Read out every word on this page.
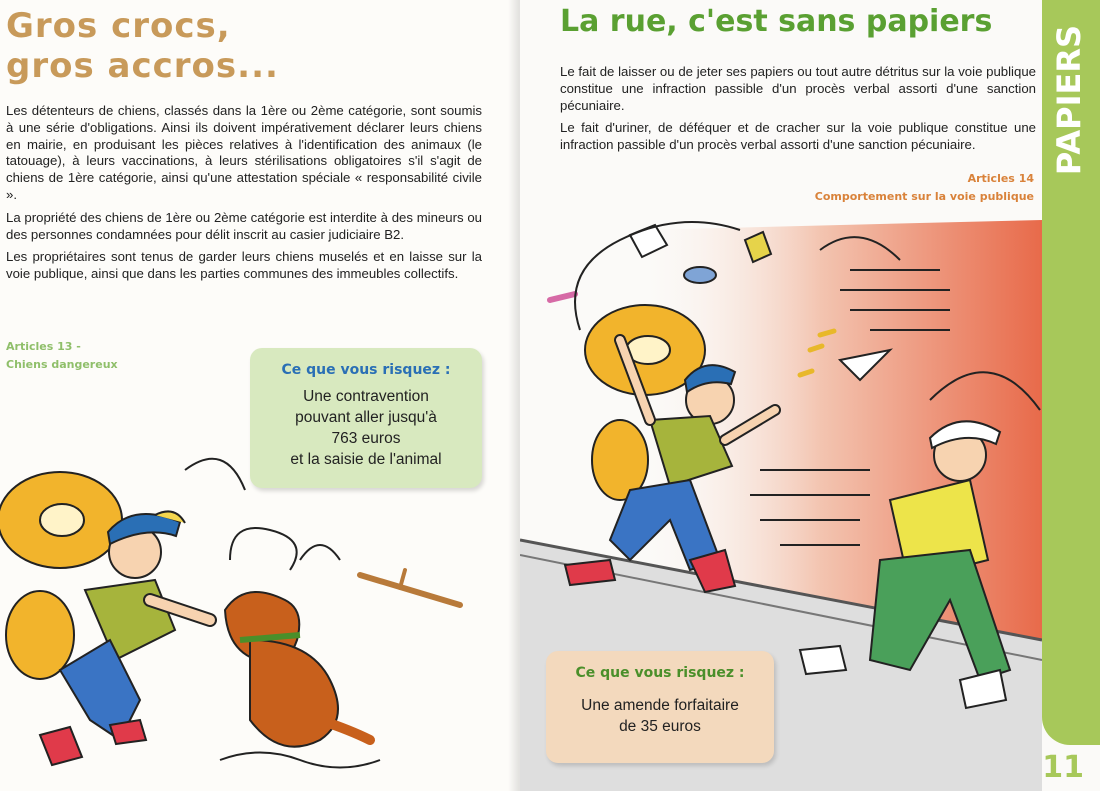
Gros crocs,
gros accros...

Les détenteurs de chiens, classés dans la 1ère ou 2ème catégorie, sont soumis à une série d'obligations. Ainsi ils doivent impérativement déclarer leurs chiens en mairie, en produisant les pièces relatives à l'identification des animaux (le tatouage), à leurs vaccinations, à leurs stérilisations obligatoires s'il s'agit de chiens de 1ère catégorie, ainsi qu'une attestation spéciale « responsabilité civile ».

La propriété des chiens de 1ère ou 2ème catégorie est interdite à des mineurs ou des personnes condamnées pour délit inscrit au casier judiciaire B2.

Les propriétaires sont tenus de garder leurs chiens muselés et en laisse sur la voie publique, ainsi que dans les parties communes des immeubles collectifs.

Articles 13 -
Chiens dangereux	Ce que vous risquez :
Une contravention
pouvant aller jusqu'à
763 euros
et la saisie de l'animal
La rue, c'est sans papiers

Le fait de laisser ou de jeter ses papiers ou tout autre détritus sur la voie publique constitue une infraction passible d'un procès verbal assorti d'une sanction pécuniaire.

Le fait d'uriner, de déféquer et de cracher sur la voie publique constitue une infraction passible d'un procès verbal assorti d'une sanction pécuniaire.

Articles 14
Comportement sur la voie publique
Ce que vous risquez :
Une amende forfaitaire
de 35 euros
PAPIERS
11
